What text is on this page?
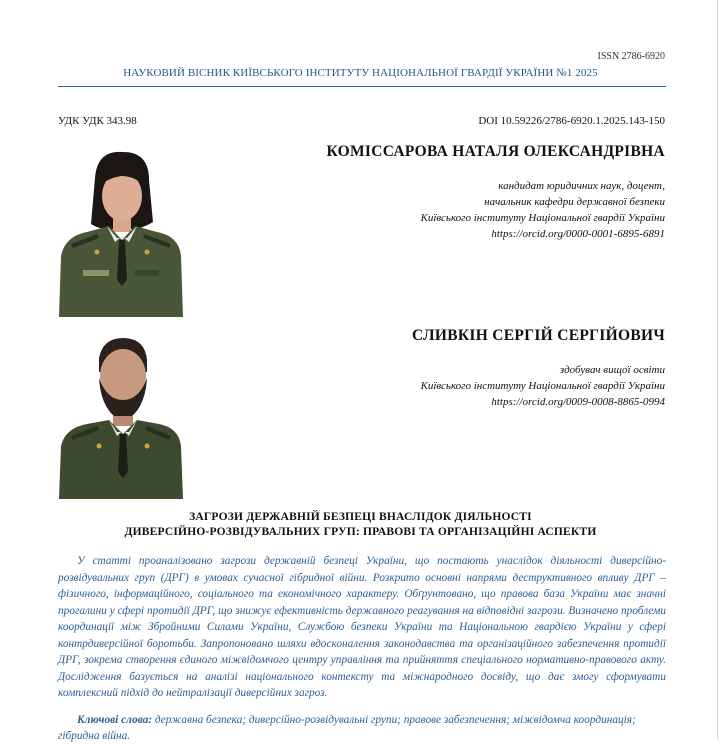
ISSN 2786-6920
НАУКОВИЙ ВІСНИК КИЇВСЬКОГО ІНСТИТУТУ НАЦІОНАЛЬНОЇ ГВАРДІЇ УКРАЇНИ №1 2025
УДК УДК 343.98	DOI 10.59226/2786-6920.1.2025.143-150
КОМІССАРОВА НАТАЛЯ ОЛЕКСАНДРІВНА
кандидат юридичних наук, доцент,
начальник кафедри державної безпеки
Київського інституту Національної гвардії України
https://orcid.org/0000-0001-6895-6891
СЛИВКІН СЕРГІЙ СЕРГІЙОВИЧ
здобувач вищої освіти
Київського інституту Національної гвардії України
https://orcid.org/0009-0008-8865-0994
ЗАГРОЗИ ДЕРЖАВНІЙ БЕЗПЕЦІ ВНАСЛІДОК ДІЯЛЬНОСТІ
ДИВЕРСІЙНО-РОЗВІДУВАЛЬНИХ ГРУП: ПРАВОВІ ТА ОРГАНІЗАЦІЙНІ АСПЕКТИ

У статті проаналізовано загрози державній безпеці України, що постають унаслідок діяльності диверсійно-розвідувальних груп (ДРГ) в умовах сучасної гібридної війни. Розкрито основні напрями деструктивного впливу ДРГ – фізичного, інформаційного, соціального та економічного характеру. Обґрунтовано, що правова база України має значні прогалини у сфері протидії ДРГ, що знижує ефективність державного реагування на відповідні загрози. Визначено проблеми координації між Збройними Силами України, Службою безпеки України та Національною гвардією України у сфері контрдиверсійної боротьби. Запропоновано шляхи вдосконалення законодавства та організаційного забезпечення протидії ДРГ, зокрема створення єдиного міжвідомчого центру управління та прийняття спеціального нормативно-правового акту. Дослідження базується на аналізі національного контексту та міжнародного досвіду, що дає змогу сформувати комплексний підхід до нейтралізації диверсійних загроз.

Ключові слова: державна безпека; диверсійно-розвідувальні групи; правове забезпечення; міжвідомча координація; гібридна війна.
